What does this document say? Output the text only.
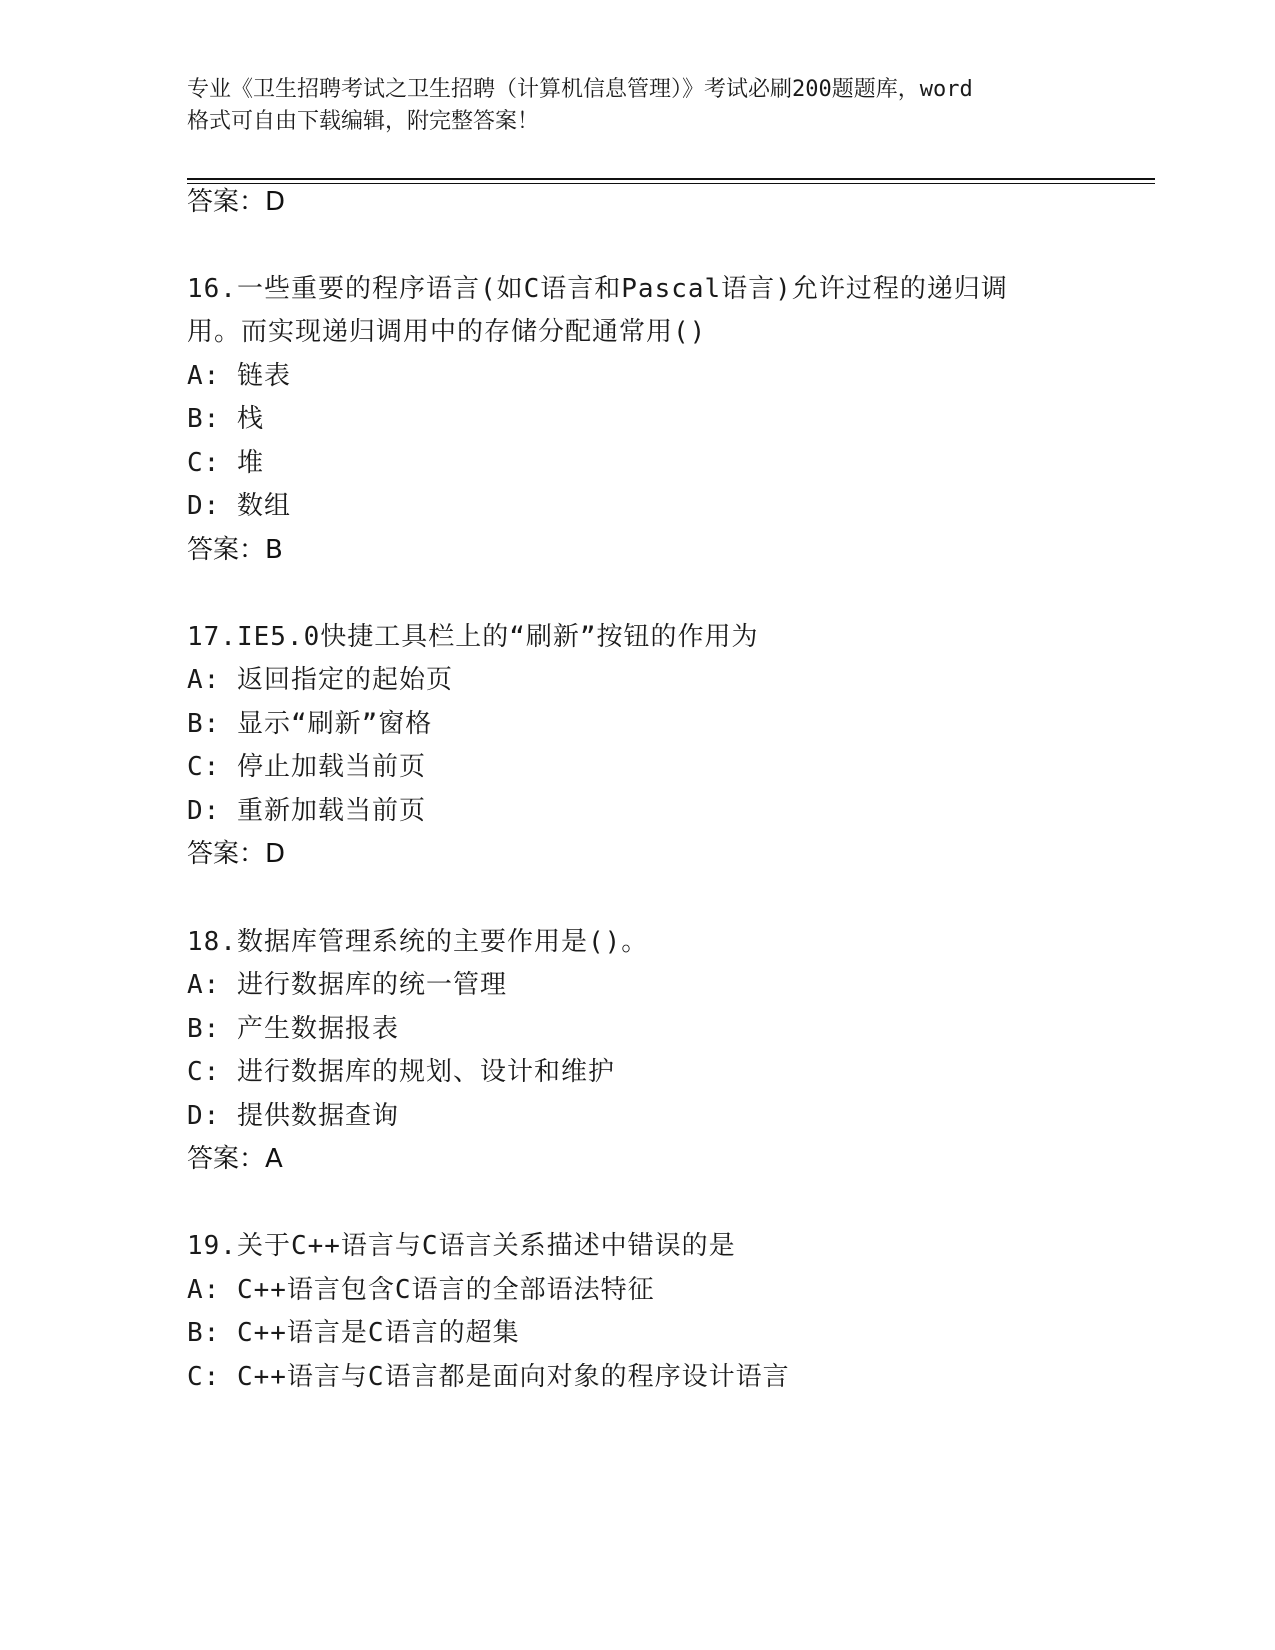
专业《卫生招聘考试之卫生招聘（计算机信息管理）》考试必刷200题题库，word
格式可自由下载编辑，附完整答案！
答案：D
16.一些重要的程序语言(如C语言和Pascal语言)允许过程的递归调
用。而实现递归调用中的存储分配通常用()
A: 链表
B: 栈
C: 堆
D: 数组
答案：B
17.IE5.0快捷工具栏上的“刷新”按钮的作用为
A: 返回指定的起始页
B: 显示“刷新”窗格
C: 停止加载当前页
D: 重新加载当前页
答案：D
18.数据库管理系统的主要作用是()。
A: 进行数据库的统一管理
B: 产生数据报表
C: 进行数据库的规划、设计和维护
D: 提供数据查询
答案：A
19.关于C++语言与C语言关系描述中错误的是
A: C++语言包含C语言的全部语法特征
B: C++语言是C语言的超集
C: C++语言与C语言都是面向对象的程序设计语言
